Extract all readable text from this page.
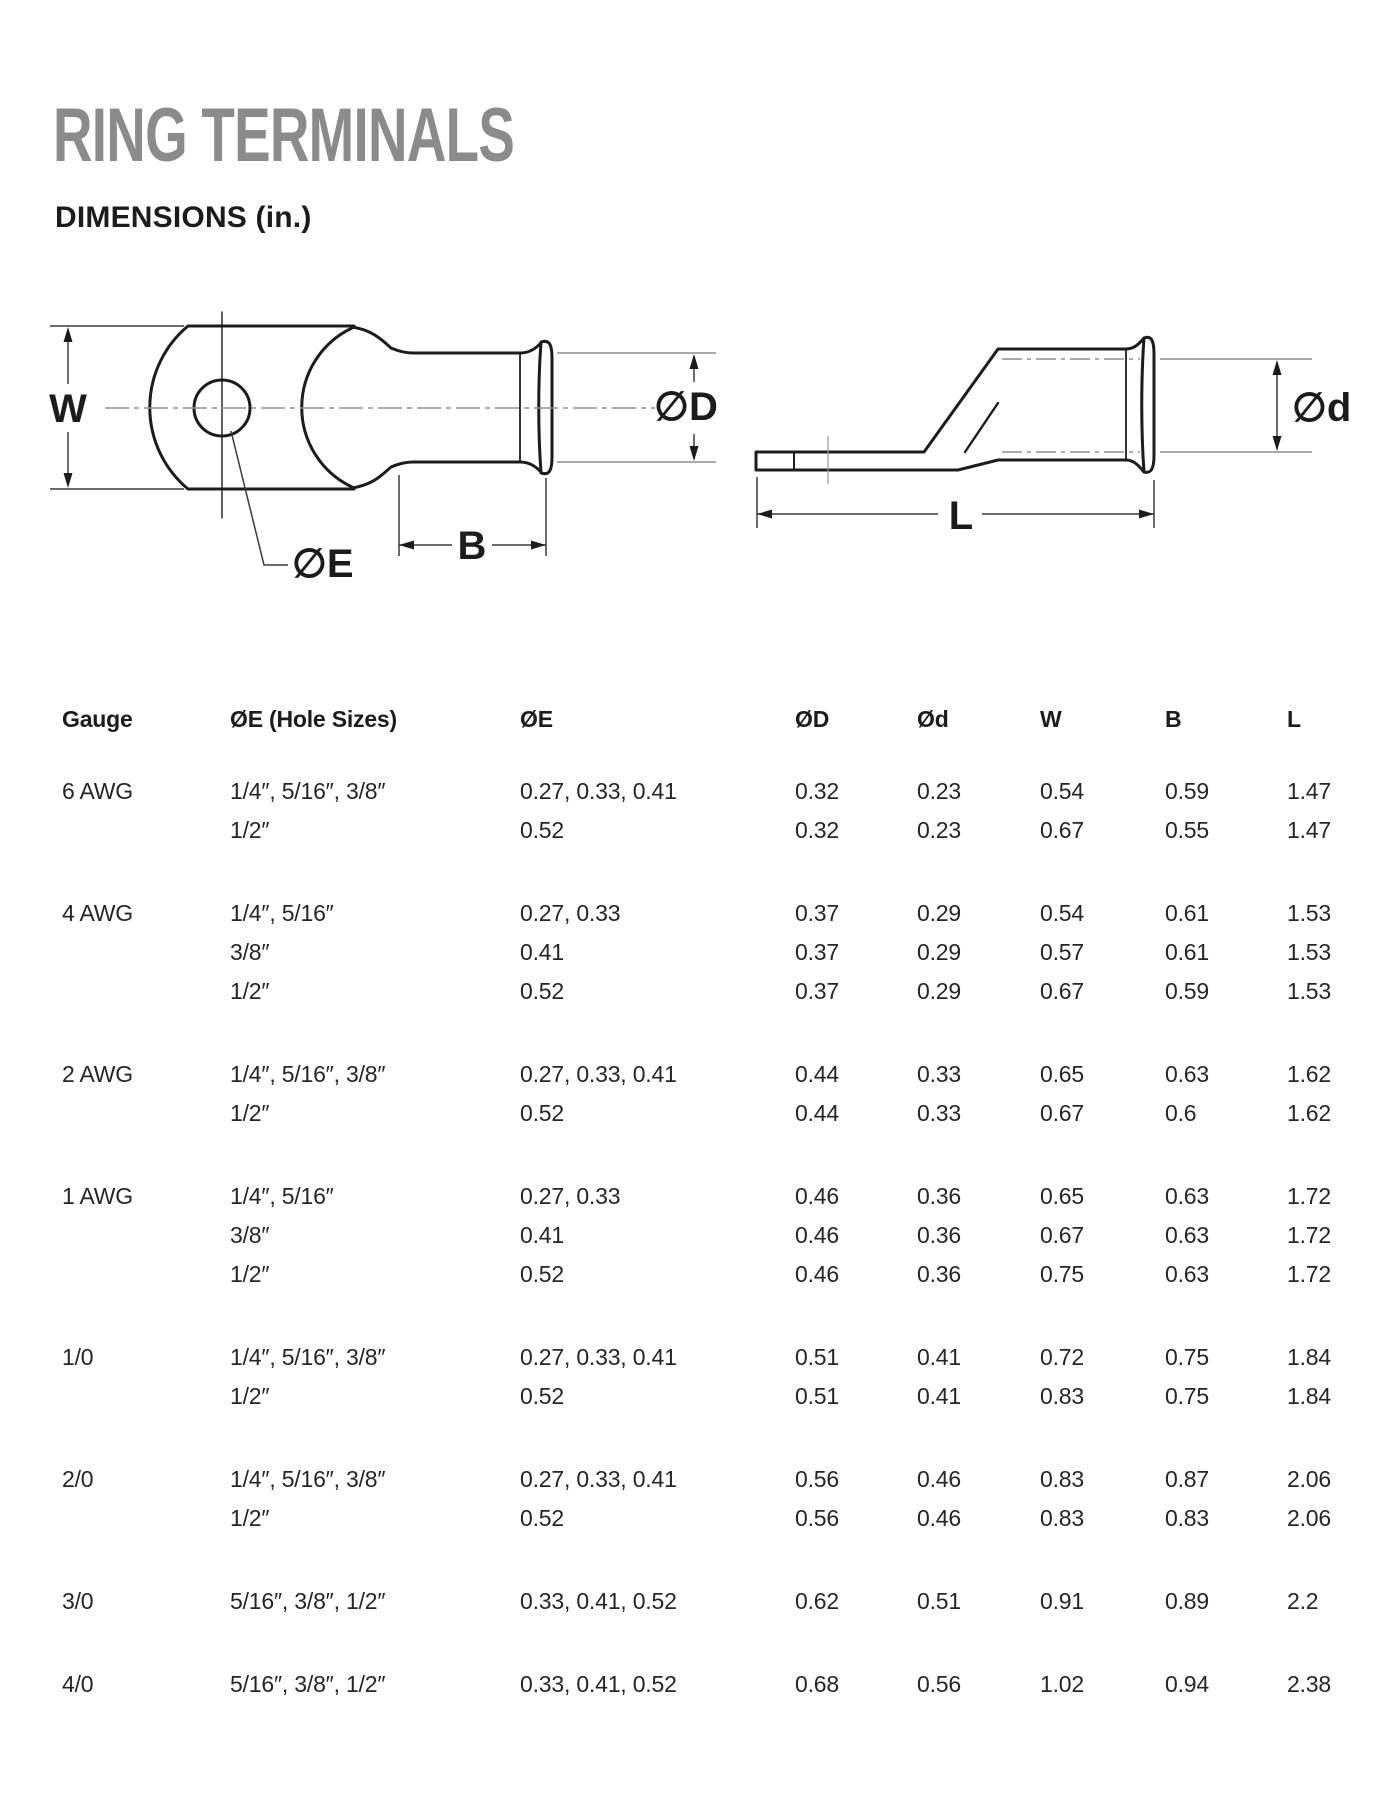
RING TERMINALS
DIMENSIONS (in.)
W	∅D
∅E	B
∅d
L
Gauge	ØE (Hole Sizes)	ØE	ØD	Ød	W	B	L
6 AWG	1/4″, 5/16″, 3/8″	0.27, 0.33, 0.41	0.32	0.23	0.54	0.59	1.47
1/2″	0.52	0.32	0.23	0.67	0.55	1.47
4 AWG	1/4″, 5/16″	0.27, 0.33	0.37	0.29	0.54	0.61	1.53
3/8″	0.41	0.37	0.29	0.57	0.61	1.53
1/2″	0.52	0.37	0.29	0.67	0.59	1.53
2 AWG	1/4″, 5/16″, 3/8″	0.27, 0.33, 0.41	0.44	0.33	0.65	0.63	1.62
1/2″	0.52	0.44	0.33	0.67	0.6	1.62
1 AWG	1/4″, 5/16″	0.27, 0.33	0.46	0.36	0.65	0.63	1.72
3/8″	0.41	0.46	0.36	0.67	0.63	1.72
1/2″	0.52	0.46	0.36	0.75	0.63	1.72
1/0	1/4″, 5/16″, 3/8″	0.27, 0.33, 0.41	0.51	0.41	0.72	0.75	1.84
1/2″	0.52	0.51	0.41	0.83	0.75	1.84
2/0	1/4″, 5/16″, 3/8″	0.27, 0.33, 0.41	0.56	0.46	0.83	0.87	2.06
1/2″	0.52	0.56	0.46	0.83	0.83	2.06
3/0	5/16″, 3/8″, 1/2″	0.33, 0.41, 0.52	0.62	0.51	0.91	0.89	2.2
4/0	5/16″, 3/8″, 1/2″	0.33, 0.41, 0.52	0.68	0.56	1.02	0.94	2.38
